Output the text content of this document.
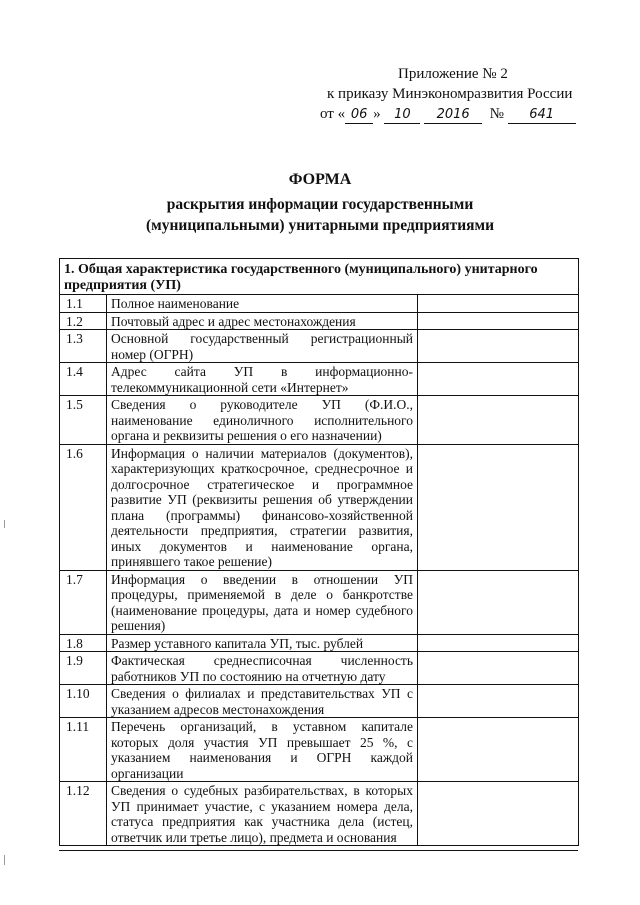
Приложение № 2
к приказу Минэкономразвития России
от « 06 » 10 2016 № 641
ФОРМА
раскрытия информации государственными
(муниципальными) унитарными предприятиями
1. Общая характеристика государственного (муниципального) унитарного предприятия (УП)		
1.1	Полное наименование	
1.2	Почтовый адрес и адрес местонахождения	
1.3	Основной государственный регистрационный номер (ОГРН)	
1.4	Адрес сайта УП в информационно-телекоммуникационной сети «Интернет»	
1.5	Сведения о руководителе УП (Ф.И.О., наименование единоличного исполнительного органа и реквизиты решения о его назначении)	
1.6	Информация о наличии материалов (документов), характеризующих краткосрочное, среднесрочное и долгосрочное стратегическое и программное развитие УП (реквизиты решения об утверждении плана (программы) финансово-хозяйственной деятельности предприятия, стратегии развития, иных документов и наименование органа, принявшего такое решение)	
1.7	Информация о введении в отношении УП процедуры, применяемой в деле о банкротстве (наименование процедуры, дата и номер судебного решения)	
1.8	Размер уставного капитала УП, тыс. рублей	
1.9	Фактическая среднесписочная численность работников УП по состоянию на отчетную дату	
1.10	Сведения о филиалах и представительствах УП с указанием адресов местонахождения	
1.11	Перечень организаций, в уставном капитале которых доля участия УП превышает 25 %, с указанием наименования и ОГРН каждой организации	
1.12	Сведения о судебных разбирательствах, в которых УП принимает участие, с указанием номера дела, статуса предприятия как участника дела (истец, ответчик или третье лицо), предмета и основания	
